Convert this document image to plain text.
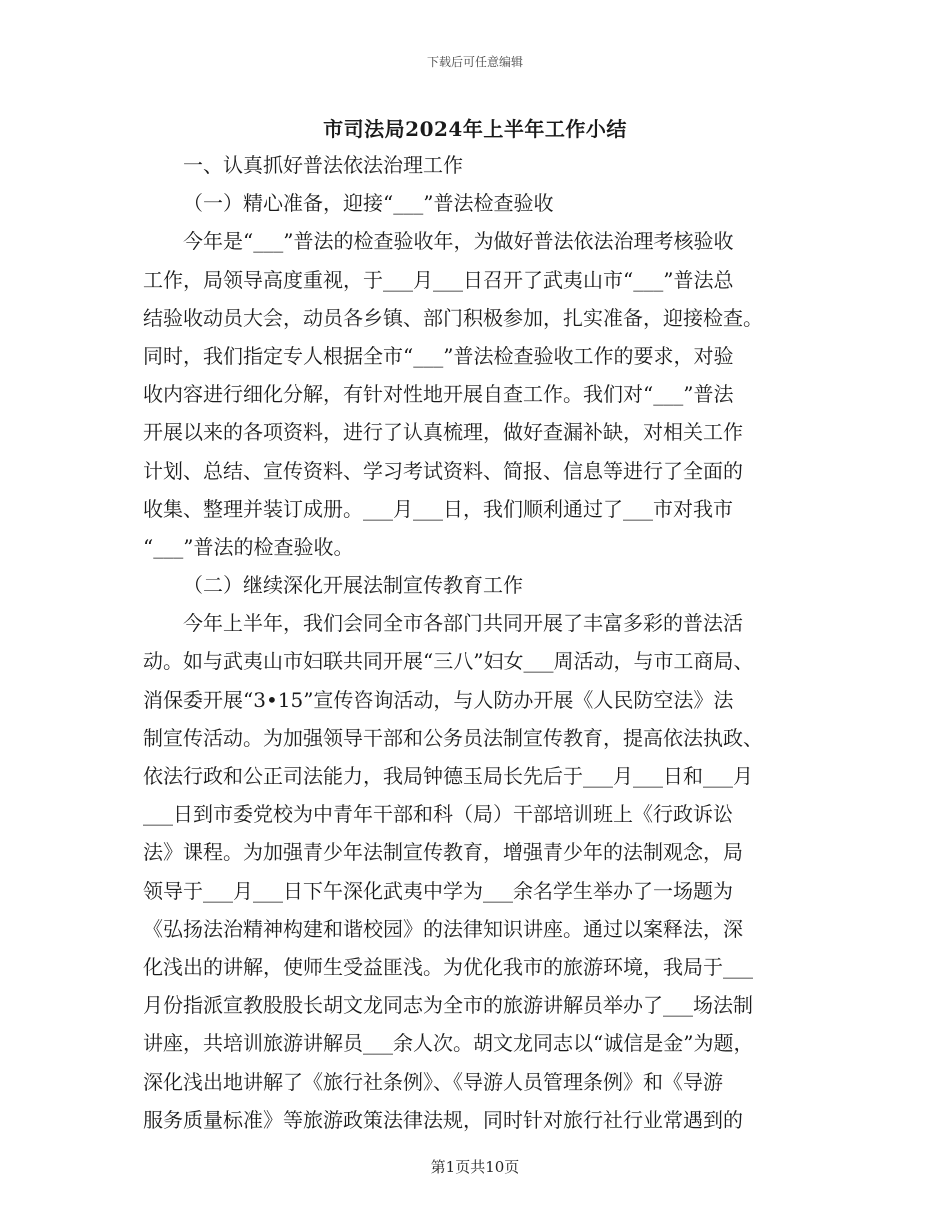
下载后可任意编辑
市司法局2024年上半年工作小结
一、认真抓好普法依法治理工作
（一）精心准备，迎接“___”普法检查验收
今年是“___”普法的检查验收年，为做好普法依法治理考核验收
工作，局领导高度重视，于___月___日召开了武夷山市“___”普法总
结验收动员大会，动员各乡镇、部门积极参加，扎实准备，迎接检查。
同时，我们指定专人根据全市“___”普法检查验收工作的要求，对验
收内容进行细化分解，有针对性地开展自查工作。我们对“___”普法
开展以来的各项资料，进行了认真梳理，做好查漏补缺，对相关工作
计划、总结、宣传资料、学习考试资料、简报、信息等进行了全面的
收集、整理并装订成册。___月___日，我们顺利通过了___市对我市
“___”普法的检查验收。
（二）继续深化开展法制宣传教育工作
今年上半年，我们会同全市各部门共同开展了丰富多彩的普法活
动。如与武夷山市妇联共同开展“三八”妇女___周活动，与市工商局、
消保委开展“3•15”宣传咨询活动，与人防办开展《人民防空法》法
制宣传活动。为加强领导干部和公务员法制宣传教育，提高依法执政、
依法行政和公正司法能力，我局钟德玉局长先后于___月___日和___月
___日到市委党校为中青年干部和科（局）干部培训班上《行政诉讼
法》课程。为加强青少年法制宣传教育，增强青少年的法制观念，局
领导于___月___日下午深化武夷中学为___余名学生举办了一场题为
《弘扬法治精神构建和谐校园》的法律知识讲座。通过以案释法，深
化浅出的讲解，使师生受益匪浅。为优化我市的旅游环境，我局于___
月份指派宣教股股长胡文龙同志为全市的旅游讲解员举办了___场法制
讲座，共培训旅游讲解员___余人次。胡文龙同志以“诚信是金”为题，
深化浅出地讲解了《旅行社条例》、《导游人员管理条例》和《导游
服务质量标准》等旅游政策法律法规，同时针对旅行社行业常遇到的
第1页共10页
